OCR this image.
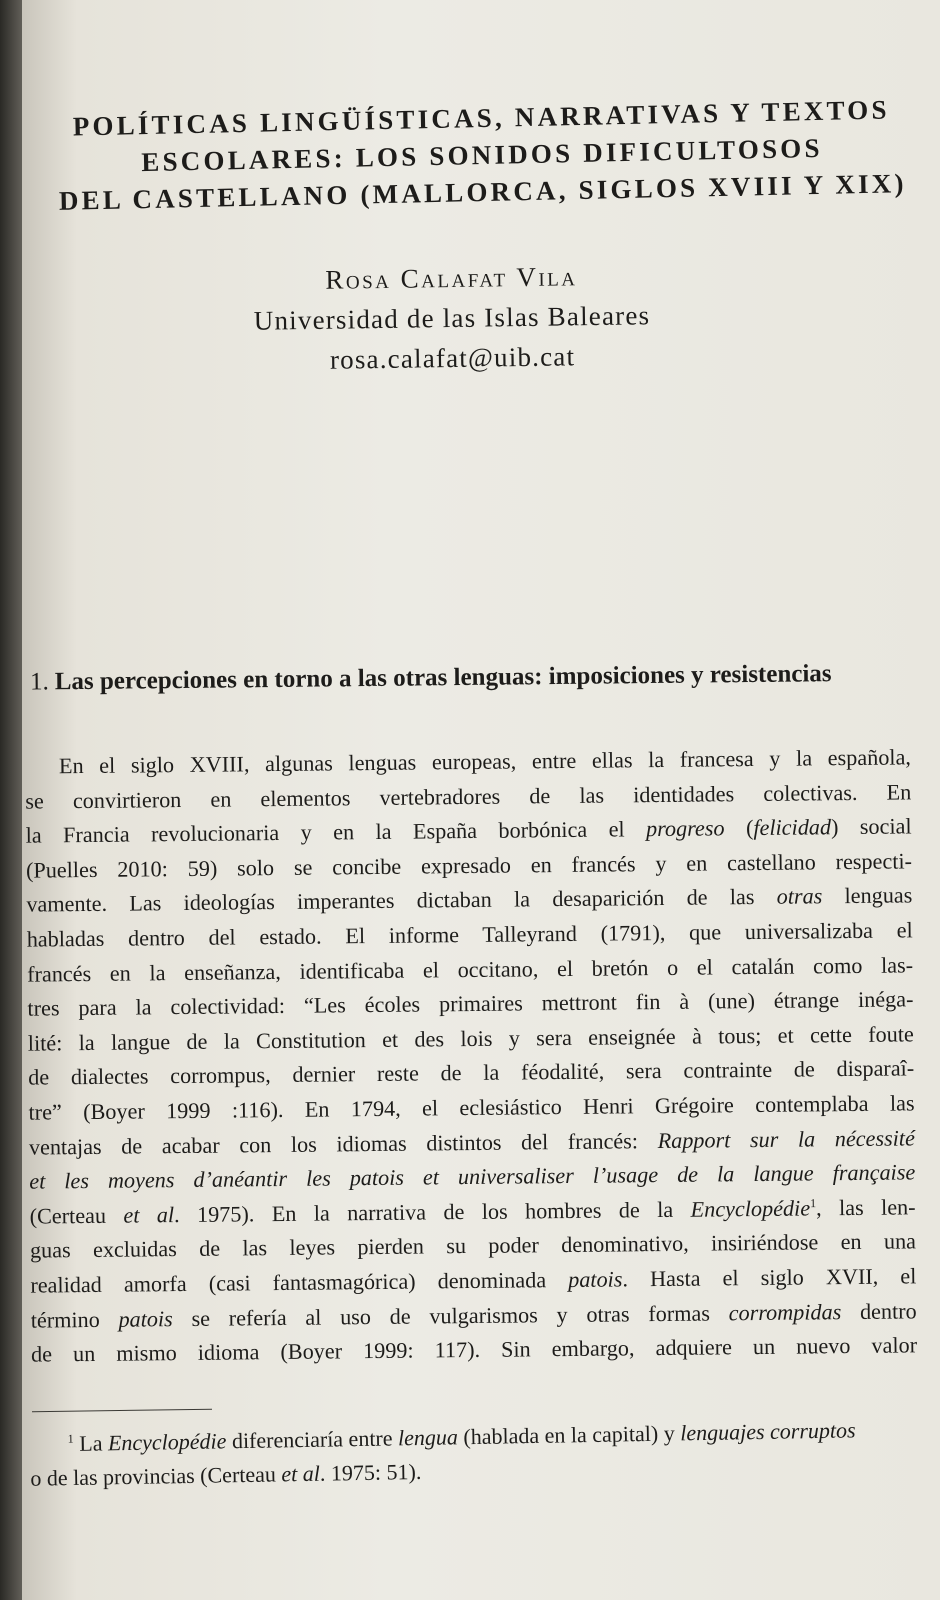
POLÍTICAS LINGÜÍSTICAS, NARRATIVAS Y TEXTOS
ESCOLARES: LOS SONIDOS DIFICULTOSOS
DEL CASTELLANO (MALLORCA, SIGLOS XVIII Y XIX)
Rosa Calafat Vila
Universidad de las Islas Baleares
rosa.calafat@uib.cat
1. Las percepciones en torno a las otras lenguas: imposiciones y resistencias
En el siglo XVIII, algunas lenguas europeas, entre ellas la francesa y la española,
se convirtieron en elementos vertebradores de las identidades colectivas. En
la Francia revolucionaria y en la España borbónica el progreso (felicidad) social
(Puelles 2010: 59) solo se concibe expresado en francés y en castellano respecti-
vamente. Las ideologías imperantes dictaban la desaparición de las otras lenguas
habladas dentro del estado. El informe Talleyrand (1791), que universalizaba el
francés en la enseñanza, identificaba el occitano, el bretón o el catalán como las-
tres para la colectividad: “Les écoles primaires mettront fin à (une) étrange inéga-
lité: la langue de la Constitution et des lois y sera enseignée à tous; et cette foute
de dialectes corrompus, dernier reste de la féodalité, sera contrainte de disparaî-
tre” (Boyer 1999 :116). En 1794, el eclesiástico Henri Grégoire contemplaba las
ventajas de acabar con los idiomas distintos del francés: Rapport sur la nécessité
et les moyens d’anéantir les patois et universaliser l’usage de la langue française
(Certeau et al. 1975). En la narrativa de los hombres de la Encyclopédie$^1$, las len-
guas excluidas de las leyes pierden su poder denominativo, insiriéndose en una
realidad amorfa (casi fantasmagórica) denominada patois. Hasta el siglo XVII, el
término patois se refería al uso de vulgarismos y otras formas corrompidas dentro
de un mismo idioma (Boyer 1999: 117). Sin embargo, adquiere un nuevo valor
$^1$ La Encyclopédie diferenciaría entre lengua (hablada en la capital) y lenguajes corruptos
o de las provincias (Certeau et al. 1975: 51).
